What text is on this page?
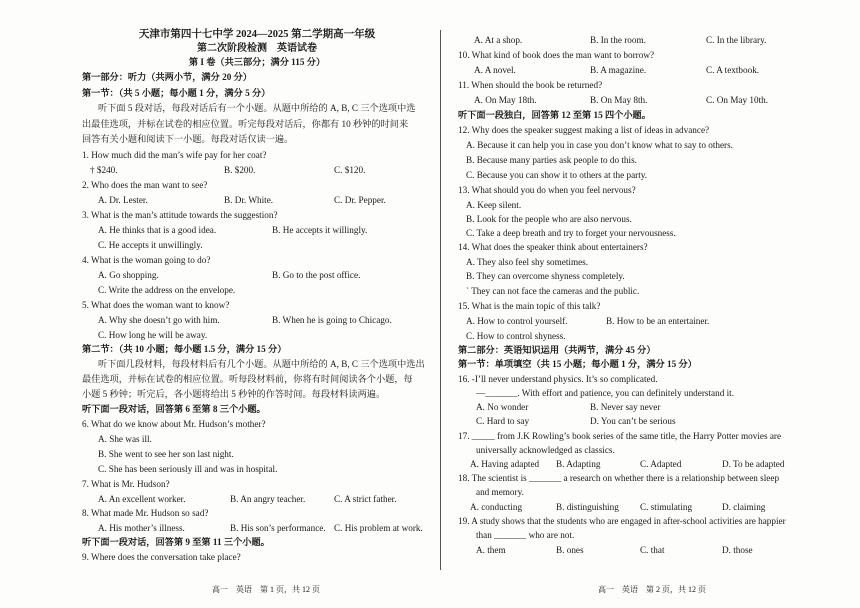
天津市第四十七中学 2024—2025 第二学期高一年级
第二次阶段检测　英语试卷
第 I 卷（共三部分；满分 115 分）
第一部分：听力（共两小节，满分 20 分）
第一节：（共 5 小题；每小题 1 分，满分 5 分）
听下面 5 段对话，每段对话后有一个小题。从题中所给的 A, B, C 三个选项中选
出最佳选项，并标在试卷的相应位置。听完每段对话后，你都有 10 秒钟的时间来
回答有关小题和阅读下一小题。每段对话仅读一遍。
1. How much did the man’s wife pay for her coat?
† $240.	B. $200.	C. $120.
2. Who does the man want to see?
A. Dr. Lester.	B. Dr. White.	C. Dr. Pepper.
3. What is the man’s attitude towards the suggestion?
A. He thinks that is a good idea.	B. He accepts it willingly.
C. He accepts it unwillingly.
4. What is the woman going to do?
A. Go shopping.	B. Go to the post office.
C. Write the address on the envelope.
5. What does the woman want to know?
A. Why she doesn’t go with him.	B. When he is going to Chicago.
C. How long he will be away.
第二节：（共 10 小题；每小题 1.5 分，满分 15 分）
听下面几段材料，每段材料后有几个小题。从题中所给的 A, B, C 三个选项中选出
最佳选项，并标在试卷的相应位置。听每段材料前，你将有时间阅读各个小题，每
小题 5 秒钟；听完后，各小题将给出 5 秒钟的作答时间。每段材料读两遍。
听下面一段对话，回答第 6 至第 8 三个小题。
6. What do we know about Mr. Hudson’s mother?
A. She was ill.
B. She went to see her son last night.
C. She has been seriously ill and was in hospital.
7. What is Mr. Hudson?
A. An excellent worker.	B. An angry teacher.	C. A strict father.
8. What made Mr. Hudson so sad?
A. His mother’s illness.	B. His son’s performance. C. His problem at work.
听下面一段对话，回答第 9 至第 11 三个小题。
9. Where does the conversation take place?
高一　英语　第 1 页，共 12 页
A. At a shop.	B. In the room.	C. In the library.
10. What kind of book does the man want to borrow?
A. A novel.	B. A magazine.	C. A textbook.
11. When should the book be returned?
A. On May 18th.	B. On May 8th.	C. On May 10th.
听下面一段独白，回答第 12 至第 15 四个小题。
12. Why does the speaker suggest making a list of ideas in advance?
A. Because it can help you in case you don’t know what to say to others.
B. Because many parties ask people to do this.
C. Because you can show it to others at the party.
13. What should you do when you feel nervous?
A. Keep silent.
B. Look for the people who are also nervous.
C. Take a deep breath and try to forget your nervousness.
14. What does the speaker think about entertainers?
A. They also feel shy sometimes.
B. They can overcome shyness completely.
ˋ They can not face the cameras and the public.
15. What is the main topic of this talk?
A. How to control yourself.	B. How to be an entertainer.
C. How to control shyness.
第二部分：英语知识运用（共两节，满分 45 分）
第一节：单项填空（共 15 小题；每小题 1 分，满分 15 分）
16. -I’ll never understand physics. It’s so complicated.
—_______. With effort and patience, you can definitely understand it.
A. No wonder	B. Never say never
C. Hard to say	D. You can’t be serious
17. _____ from J.K Rowling’s book series of the same title, the Harry Potter movies are
universally acknowledged as classics.
A. Having adapted B. Adapting	C. Adapted	D. To be adapted
18. The scientist is _______ a research on whether there is a relationship between sleep
and memory.
A. conducting	B. distinguishing C. stimulating	D. claiming
19. A study shows that the students who are engaged in after-school activities are happier
than _______ who are not.
A. them	B. ones	C. that	D. those
高一　英语　第 2 页，共 12 页
